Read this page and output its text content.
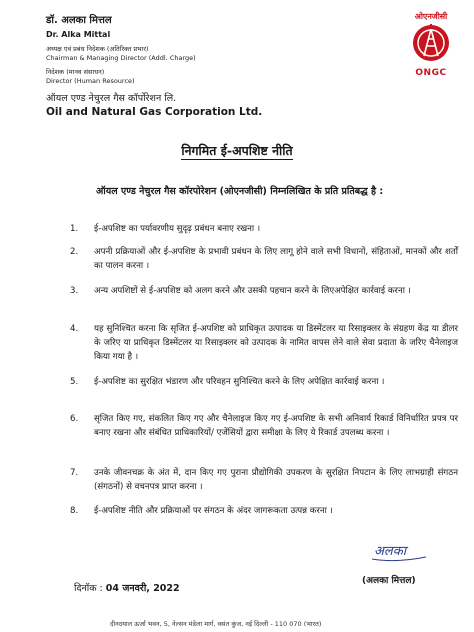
डॉ. अलका मित्तल
Dr. Alka Mittal
अध्यक्ष एवं प्रबंध निदेशक (अतिरिक्त प्रभार)
Chairman & Managing Director (Addl. Charge)
निदेशक (मानव संसाधन)
Director (Human Resource)
ऑयल एण्ड नेचुरल गैस कॉर्पोरेशन लि.
Oil and Natural Gas Corporation Ltd.
ओएनजीसी
ONGC
निगमित ई-अपशिष्ट नीति
ऑयल एण्ड नेचुरल गैस कॉरपोरेशन (ओएनजीसी) निम्नलिखित के प्रति प्रतिबद्ध है :
1.	ई-अपशिष्ट का पर्यावरणीय सुदृढ़ प्रबंधन बनाए रखना ।
2.	अपनी प्रक्रियाओं और ई-अपशिष्ट के प्रभावी प्रबंधन के लिए लागू होने वाले सभी विधानों, संहिताओं, मानकों और शर्तों का पालन करना ।
3.	अन्य अपशिष्टों से ई-अपशिष्ट को अलग करने और उसकी पहचान करने के लिएअपेक्षित कार्रवाई करना ।
4.	यह सुनिश्चित करना कि सृजित ई-अपशिष्ट को प्राधिकृत उत्पादक या डिस्मेंटलर या रिसाइक्लर के संग्रहण केंद्र या डीलर के जरिए या प्राधिकृत डिस्मेंटलर या रिसाइक्लर को उत्पादक के नामित वापस लेने वाले सेवा प्रदाता के जरिए चैनेलाइज किया गया है ।
5.	ई-अपशिष्ट का सुरक्षित भंडारण और परिवहन सुनिश्चित करने के लिए अपेक्षित कार्रवाई करना ।
6.	सृजित किए गए, संकलित किए गए और चैनेलाइज किए गए ई-अपशिष्ट के सभी अनिवार्य रिकार्ड विनिर्धारित प्रपत्र पर बनाए रखना और संबंधित प्राधिकारियों/ एजेंसियों द्वारा समीक्षा के लिए ये रिकार्ड उपलब्ध करना ।
7.	उनके जीवनचक्र के अंत में, दान किए गए पुराना प्रौद्योगिकी उपकरण के सुरक्षित निपटान के लिए लाभग्राही संगठन (संगठनों) से वचनपत्र प्राप्त करना ।
8.	ई-अपशिष्ट नीति और प्रक्रियाओं पर संगठन के अंदर जागरूकता उत्पन्न करना ।
अलका
(अलका मित्तल)
दिनॉक : 04 जनवरी, 2022
दीनदयाल ऊर्जा भवन, 5, नेल्सन मंडेला मार्ग, वसंत कुंज, नई दिल्ली - 110 070 (भारत)
